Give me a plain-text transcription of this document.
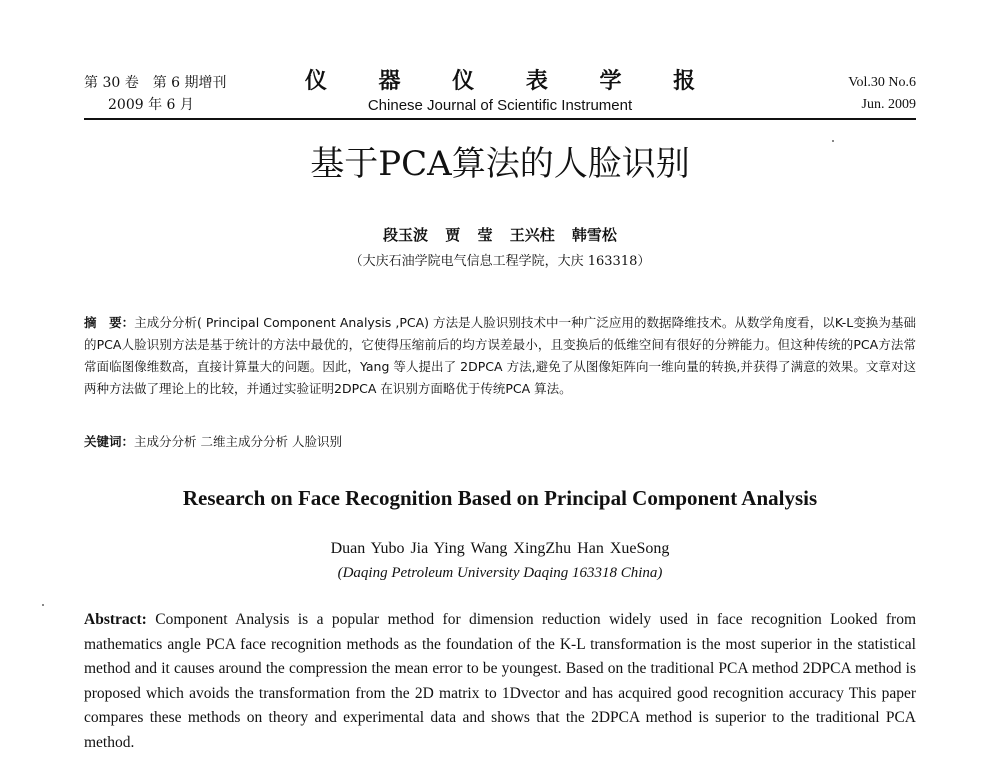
第 30 卷　第 6 期增刊
2009 年 6 月
仪 器 仪 表 学 报
Chinese Journal of Scientific Instrument
Vol.30 No.6
Jun. 2009
基于PCA算法的人脸识别
段玉波 贾 莹 王兴柱 韩雪松
（大庆石油学院电气信息工程学院，大庆 163318）
摘　要：主成分分析( Principal Component Analysis ,PCA) 方法是人脸识别技术中一种广泛应用的数据降维技术。从数学角度看，以K-L变换为基础的PCA人脸识别方法是基于统计的方法中最优的，它使得压缩前后的均方误差最小，且变换后的低维空间有很好的分辨能力。但这种传统的PCA方法常常面临图像维数高，直接计算量大的问题。因此，Yang 等人提出了 2DPCA 方法,避免了从图像矩阵向一维向量的转换,并获得了满意的效果。文章对这两种方法做了理论上的比较，并通过实验证明2DPCA 在识别方面略优于传统PCA 算法。
关键词：主成分分析 二维主成分分析 人脸识别
Research on Face Recognition Based on Principal Component Analysis
Duan Yubo Jia Ying Wang XingZhu Han XueSong
(Daqing Petroleum University Daqing 163318 China)
Abstract: Component Analysis is a popular method for dimension reduction widely used in face recognition Looked from mathematics angle PCA face recognition methods as the foundation of the K-L transformation is the most superior in the statistical method and it causes around the compression the mean error to be youngest. Based on the traditional PCA method 2DPCA method is proposed which avoids the transformation from the 2D matrix to 1Dvector and has acquired good recognition accuracy This paper compares these methods on theory and experimental data and shows that the 2DPCA method is superior to the traditional PCA method.
